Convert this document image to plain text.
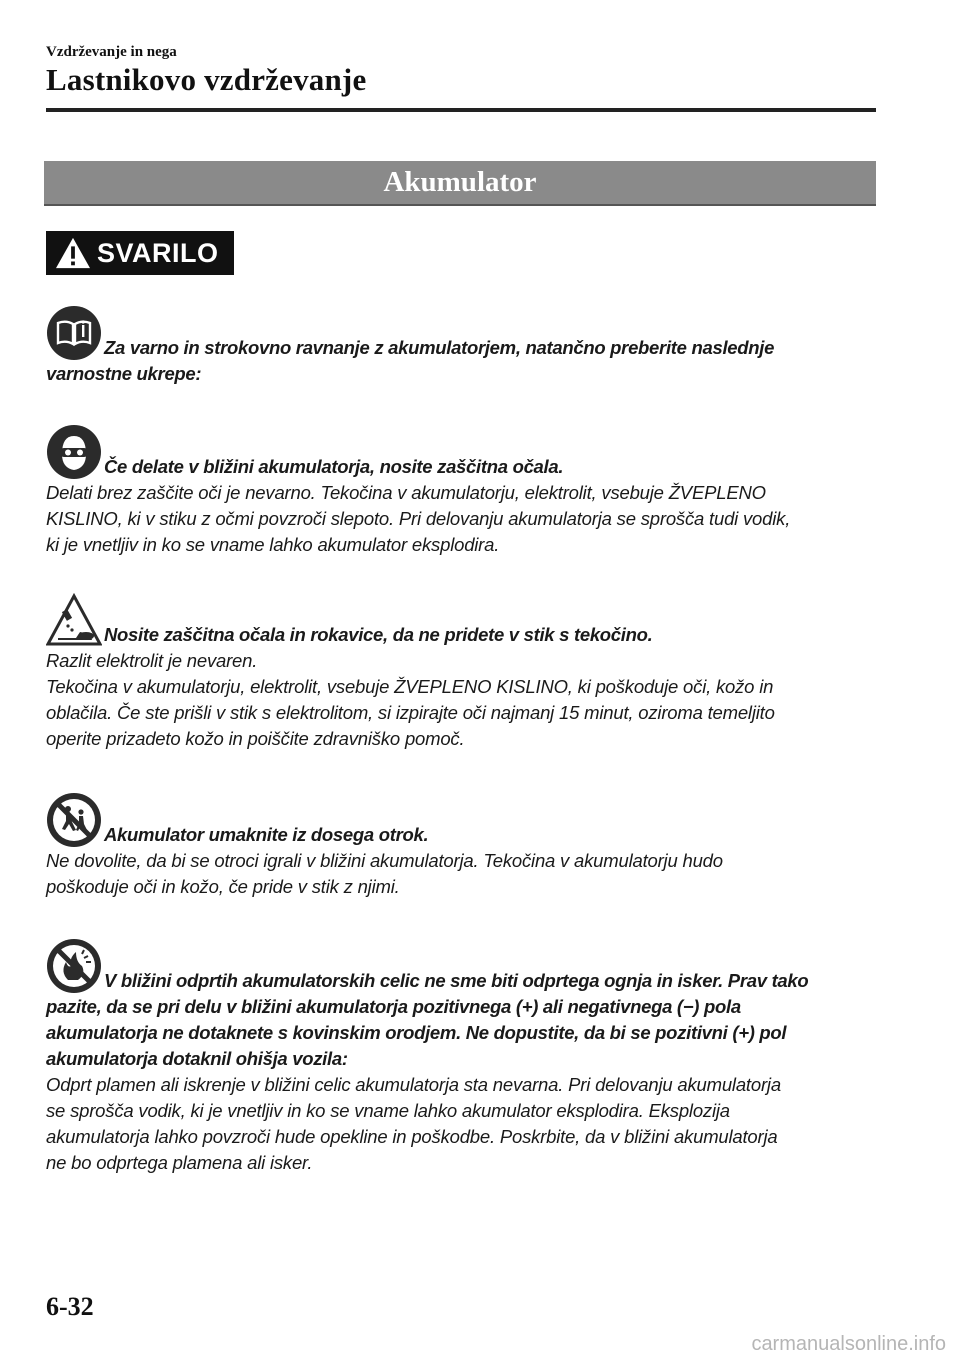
Vzdrževanje in nega
Lastnikovo vzdrževanje
Akumulator
SVARILO
Za varno in strokovno ravnanje z akumulatorjem, natančno preberite naslednje
varnostne ukrepe:
Če delate v bližini akumulatorja, nosite zaščitna očala.
Delati brez zaščite oči je nevarno. Tekočina v akumulatorju, elektrolit, vsebuje ŽVEPLENO
KISLINO, ki v stiku z očmi povzroči slepoto. Pri delovanju akumulatorja se sprošča tudi vodik,
ki je vnetljiv in ko se vname lahko akumulator eksplodira.
Nosite zaščitna očala in rokavice, da ne pridete v stik s tekočino.
Razlit elektrolit je nevaren.
Tekočina v akumulatorju, elektrolit, vsebuje ŽVEPLENO KISLINO, ki poškoduje oči, kožo in
oblačila. Če ste prišli v stik s elektrolitom, si izpirajte oči najmanj 15 minut, oziroma temeljito
operite prizadeto kožo in poiščite zdravniško pomoč.
Akumulator umaknite iz dosega otrok.
Ne dovolite, da bi se otroci igrali v bližini akumulatorja. Tekočina v akumulatorju hudo
poškoduje oči in kožo, če pride v stik z njimi.
V bližini odprtih akumulatorskih celic ne sme biti odprtega ognja in isker. Prav tako
pazite, da se pri delu v bližini akumulatorja pozitivnega (+) ali negativnega (−) pola
akumulatorja ne dotaknete s kovinskim orodjem. Ne dopustite, da bi se pozitivni (+) pol
akumulatorja dotaknil ohišja vozila:
Odprt plamen ali iskrenje v bližini celic akumulatorja sta nevarna. Pri delovanju akumulatorja
se sprošča vodik, ki je vnetljiv in ko se vname lahko akumulator eksplodira. Eksplozija
akumulatorja lahko povzroči hude opekline in poškodbe. Poskrbite, da v bližini akumulatorja
ne bo odprtega plamena ali isker.
6-32
carmanualsonline.info
